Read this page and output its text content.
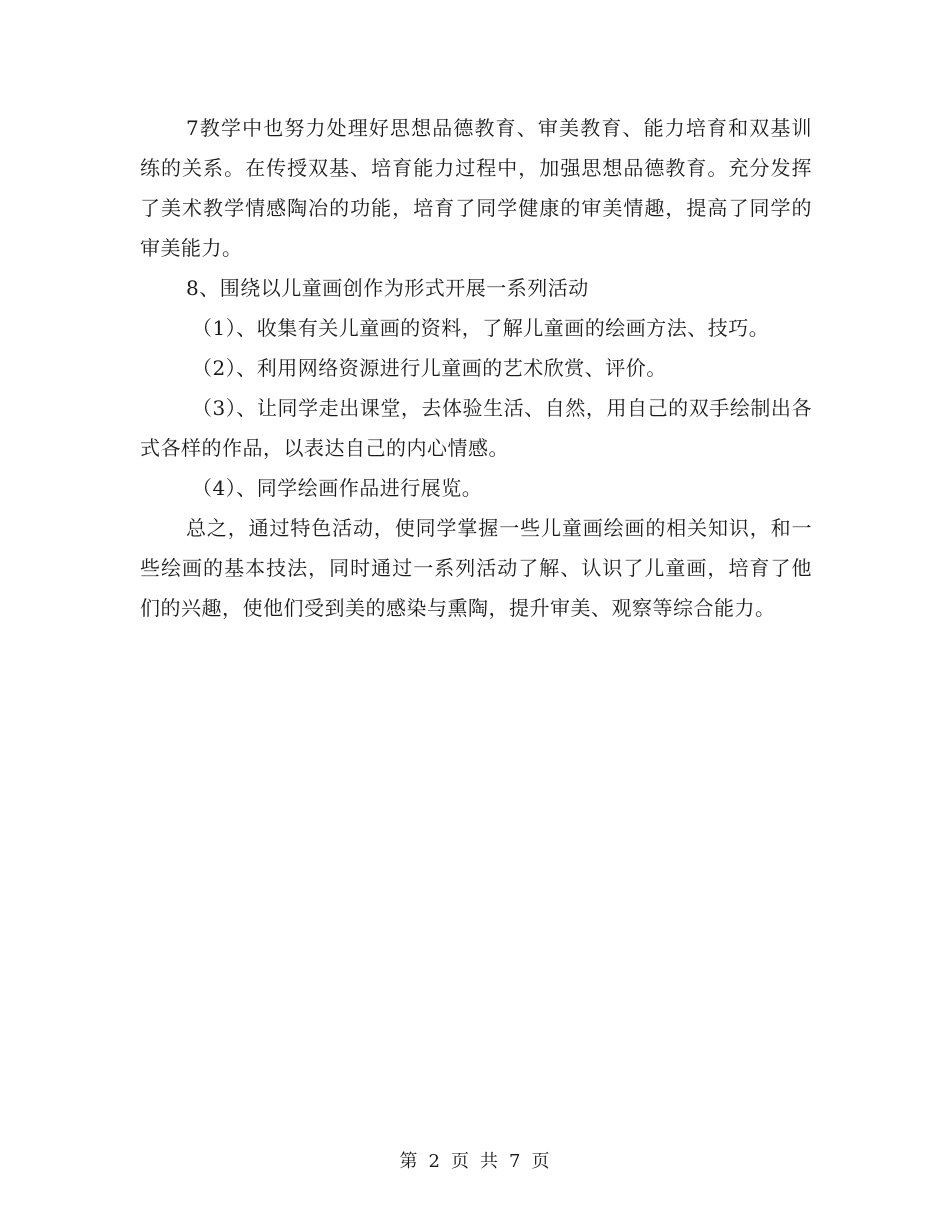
7教学中也努力处理好思想品德教育、审美教育、能力培育和双基训练的关系。在传授双基、培育能力过程中，加强思想品德教育。充分发挥了美术教学情感陶冶的功能，培育了同学健康的审美情趣，提高了同学的审美能力。

8、围绕以儿童画创作为形式开展一系列活动

（1）、收集有关儿童画的资料，了解儿童画的绘画方法、技巧。

（2）、利用网络资源进行儿童画的艺术欣赏、评价。

（3）、让同学走出课堂，去体验生活、自然，用自己的双手绘制出各式各样的作品，以表达自己的内心情感。

（4）、同学绘画作品进行展览。

总之，通过特色活动，使同学掌握一些儿童画绘画的相关知识，和一些绘画的基本技法，同时通过一系列活动了解、认识了儿童画，培育了他们的兴趣，使他们受到美的感染与熏陶，提升审美、观察等综合能力。

第 2 页 共 7 页
